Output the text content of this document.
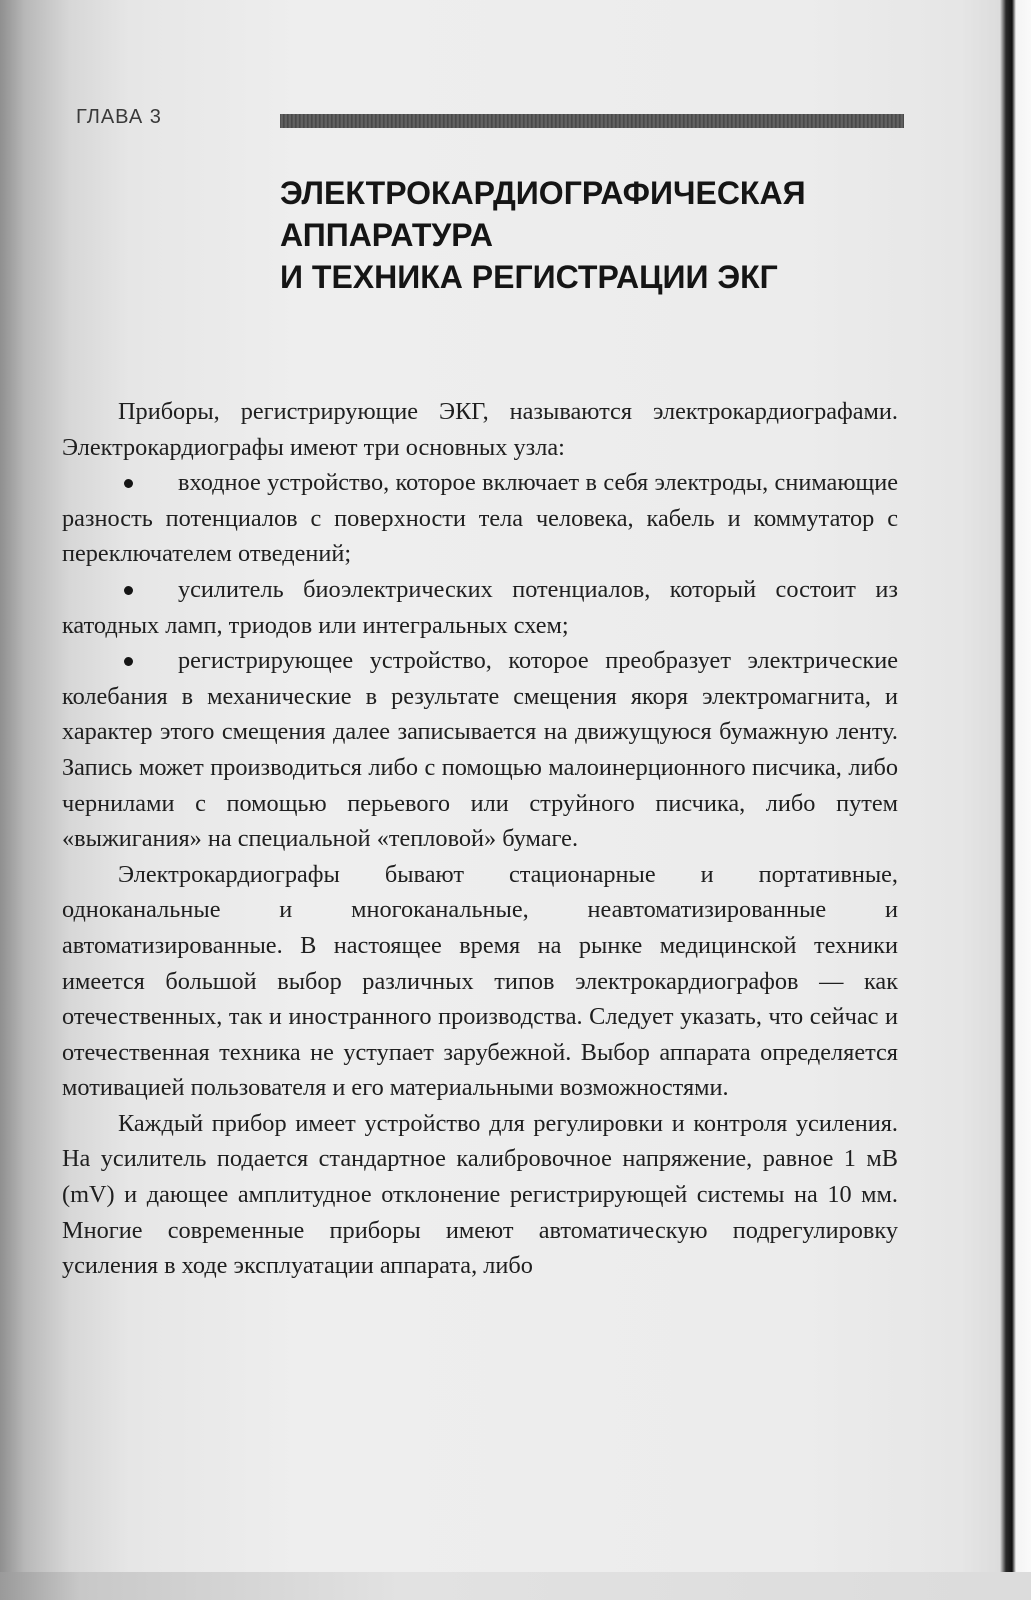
ГЛАВА 3
ЭЛЕКТРОКАРДИОГРАФИЧЕСКАЯ
АППАРАТУРА
И ТЕХНИКА РЕГИСТРАЦИИ ЭКГ

Приборы, регистрирующие ЭКГ, называются электрокардиографами. Электрокардиографы имеют три основных узла:

входное устройство, которое включает в себя электроды, снимающие разность потенциалов с поверхности тела человека, кабель и коммутатор с переключателем отведений;
усилитель биоэлектрических потенциалов, который состоит из катодных ламп, триодов или интегральных схем;
регистрирующее устройство, которое преобразует электрические колебания в механические в результате смещения якоря электромагнита, и характер этого смещения далее записывается на движущуюся бумажную ленту. Запись может производиться либо с помощью малоинерционного писчика, либо чернилами с помощью перьевого или струйного писчика, либо путем «выжигания» на специальной «тепловой» бумаге.

Электрокардиографы бывают стационарные и портативные, одноканальные и многоканальные, неавтоматизированные и автоматизированные. В настоящее время на рынке медицинской техники имеется большой выбор различных типов электрокардиографов — как отечественных, так и иностранного производства. Следует указать, что сейчас и отечественная техника не уступает зарубежной. Выбор аппарата определяется мотивацией пользователя и его материальными возможностями.

Каждый прибор имеет устройство для регулировки и контроля усиления. На усилитель подается стандартное калибровочное напряжение, равное 1 мВ (mV) и дающее амплитудное отклонение регистрирующей системы на 10 мм. Многие современные приборы имеют автоматическую подрегулировку усиления в ходе эксплуатации аппарата, либо
